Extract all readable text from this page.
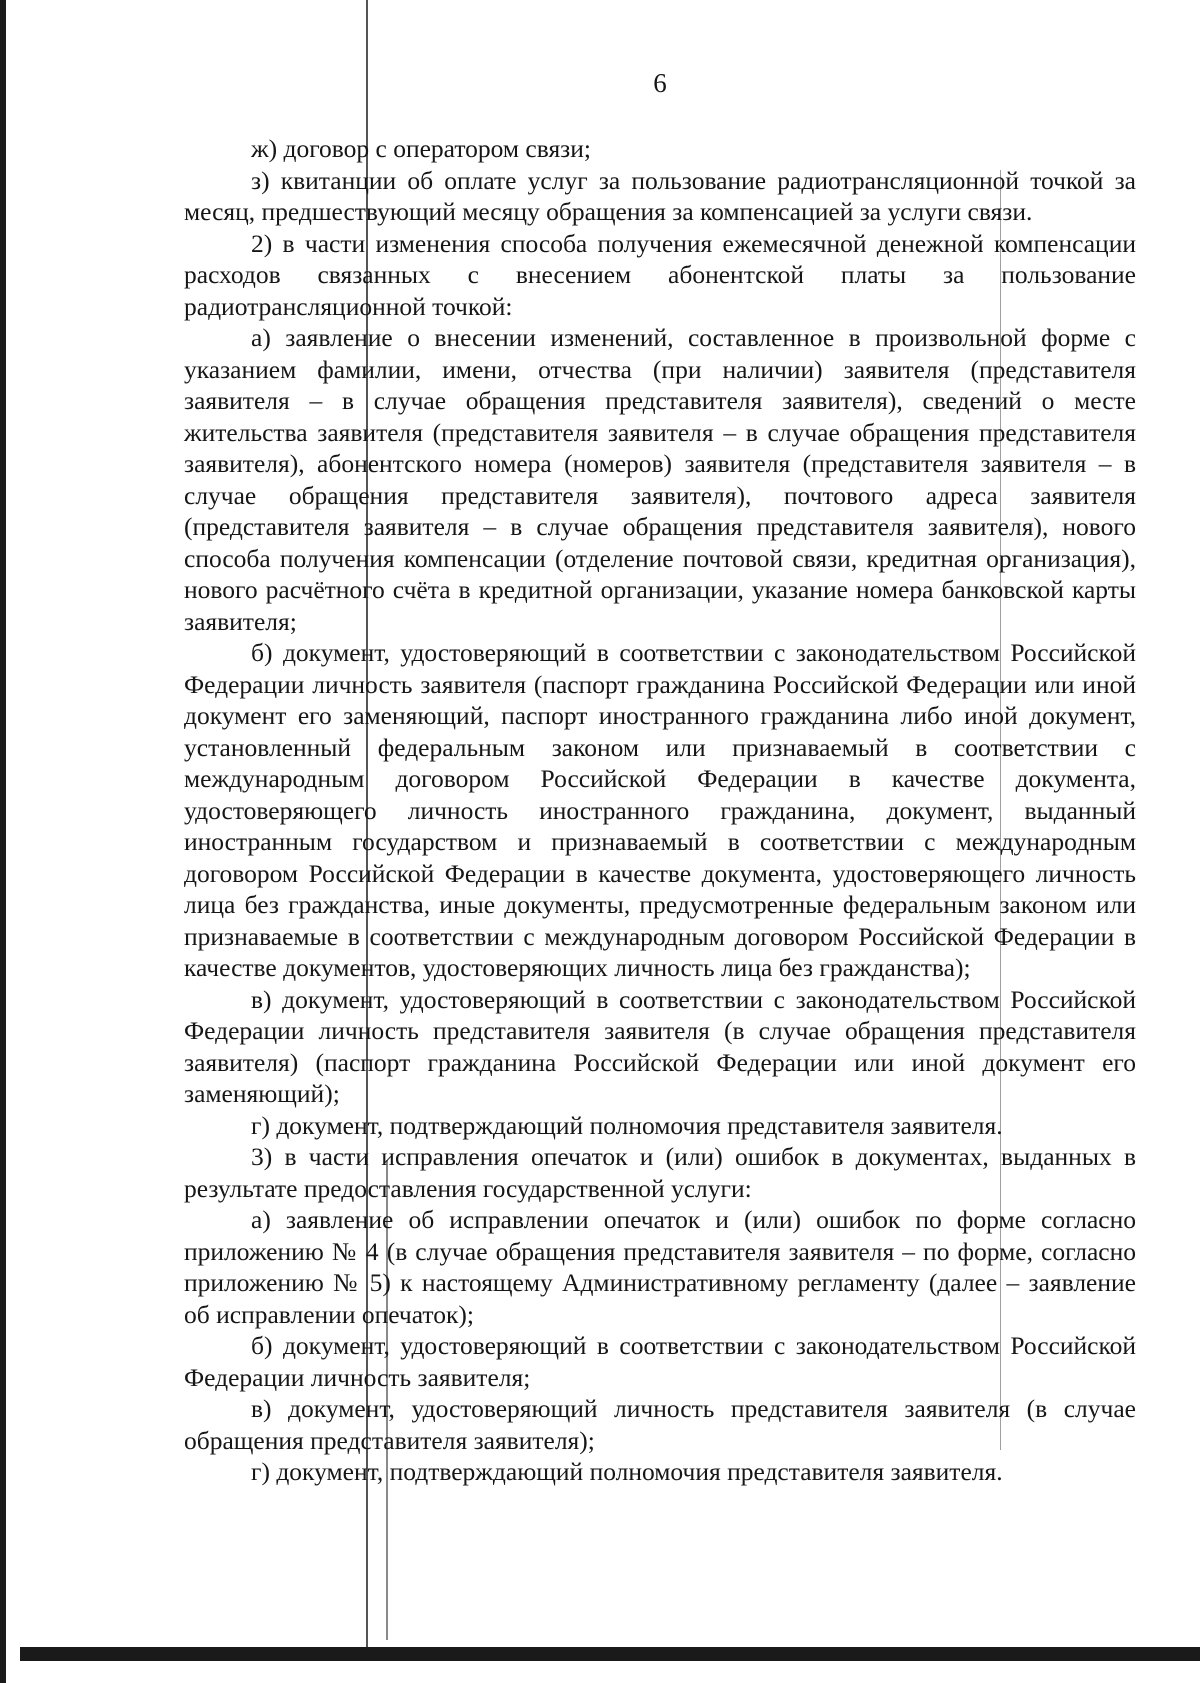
6

ж) договор с оператором связи;

з) квитанции об оплате услуг за пользование радиотрансляционной точкой за месяц, предшествующий месяцу обращения за компенсацией за услуги связи.

2) в части изменения способа получения ежемесячной денежной компенсации расходов связанных с внесением абонентской платы за пользование радиотрансляционной точкой:

а) заявление о внесении изменений, составленное в произвольной форме с указанием фамилии, имени, отчества (при наличии) заявителя (представителя заявителя – в случае обращения представителя заявителя), сведений о месте жительства заявителя (представителя заявителя – в случае обращения представителя заявителя), абонентского номера (номеров) заявителя (представителя заявителя – в случае обращения представителя заявителя), почтового адреса заявителя (представителя заявителя – в случае обращения представителя заявителя), нового способа получения компенсации (отделение почтовой связи, кредитная организация), нового расчётного счёта в кредитной организации, указание номера банковской карты заявителя;

б) документ, удостоверяющий в соответствии с законодательством Российской Федерации личность заявителя (паспорт гражданина Российской Федерации или иной документ его заменяющий, паспорт иностранного гражданина либо иной документ, установленный федеральным законом или признаваемый в соответствии с международным договором Российской Федерации в качестве документа, удостоверяющего личность иностранного гражданина, документ, выданный иностранным государством и признаваемый в соответствии с международным договором Российской Федерации в качестве документа, удостоверяющего личность лица без гражданства, иные документы, предусмотренные федеральным законом или признаваемые в соответствии с международным договором Российской Федерации в качестве документов, удостоверяющих личность лица без гражданства);

в) документ, удостоверяющий в соответствии с законодательством Российской Федерации личность представителя заявителя (в случае обращения представителя заявителя) (паспорт гражданина Российской Федерации или иной документ его заменяющий);

г) документ, подтверждающий полномочия представителя заявителя.

3) в части исправления опечаток и (или) ошибок в документах, выданных в результате предоставления государственной услуги:

а) заявление об исправлении опечаток и (или) ошибок по форме согласно приложению № 4 (в случае обращения представителя заявителя – по форме, согласно приложению № 5) к настоящему Административному регламенту (далее – заявление об исправлении опечаток);

б) документ, удостоверяющий в соответствии с законодательством Российской Федерации личность заявителя;

в) документ, удостоверяющий личность представителя заявителя (в случае обращения представителя заявителя);

г) документ, подтверждающий полномочия представителя заявителя.
